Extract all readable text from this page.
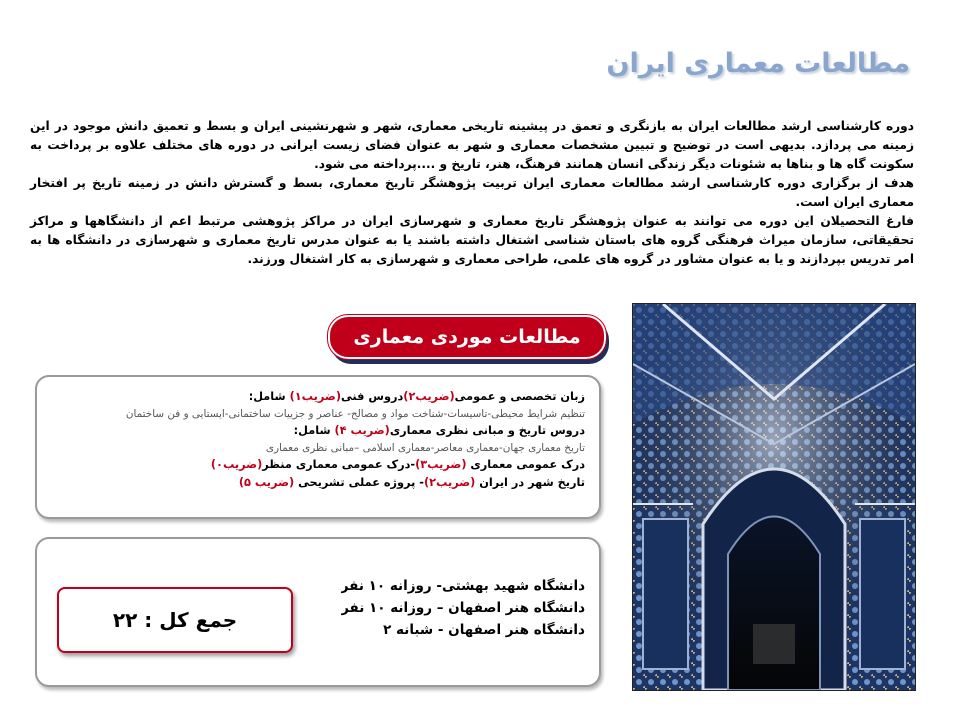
مطالعات معماری ایران

دوره کارشناسی ارشد مطالعات ایران به بازنگری و تعمق در پیشینه تاریخی معماری، شهر و شهرنشینی ایران و بسط و تعمیق دانش موجود در این زمینه می پردازد. بدیهی است در توضیح و تبیین مشخصات معماری و شهر به عنوان فضای زیست ایرانی در دوره های مختلف علاوه بر پرداخت به سکونت گاه ها و بناها به شئونات دیگر زندگی انسان همانند فرهنگ، هنر، تاریخ و ....پرداخته می شود.

هدف از برگزاری دوره کارشناسی ارشد مطالعات معماری ایران تربیت پژوهشگر تاریخ معماری، بسط و گسترش دانش در زمینه تاریخ پر افتخار معماری ایران است.

فارغ التحصیلان این دوره می توانند به عنوان پژوهشگر تاریخ معماری و شهرسازی ایران در مراکز پژوهشی مرتبط اعم از دانشگاهها و مراکز تحقیقاتی، سازمان میراث فرهنگی گروه های باستان شناسی اشتغال داشته باشند یا به عنوان مدرس تاریخ معماری و شهرسازی در دانشگاه ها به امر تدریس بپردازند و یا به عنوان مشاور در گروه های علمی، طراحی معماری و شهرسازی به کار اشتغال ورزند.

مطالعات موردی معماری

زبان تخصصی و عمومی(ضریب۲)دروس فنی(ضریب۱) شامل:

تنظیم شرایط محیطی-تاسیسات-شناخت مواد و مصالح- عناصر و جزییات ساختمانی-ایستایی و فن ساختمان

دروس تاریخ و مبانی نظری معماری(ضریب ۴) شامل:

تاریخ معماری جهان-معماری معاصر-معماری اسلامی –مبانی نظری معماری

درک عمومی معماری (ضریب۳)-درک عمومی معماری منظر(ضریب۰)

تاریخ شهر در ایران (ضریب۲)- پروژه عملی تشریحی (ضریب ۵)

دانشگاه شهید بهشتی- روزانه ۱۰ نفر

دانشگاه هنر اصفهان – روزانه ۱۰ نفر

دانشگاه هنر اصفهان - شبانه ۲

جمع کل : ۲۲
